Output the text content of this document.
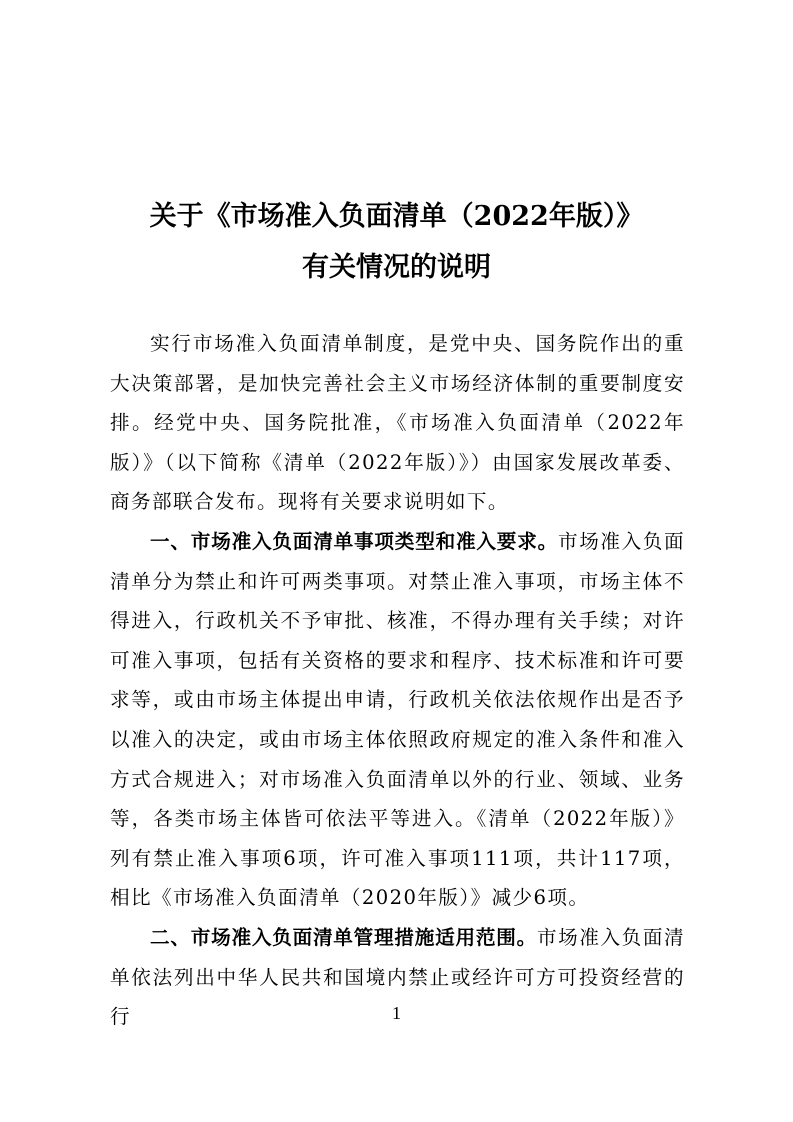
关于《市场准入负面清单（2022年版）》
有关情况的说明

实行市场准入负面清单制度，是党中央、国务院作出的重大决策部署，是加快完善社会主义市场经济体制的重要制度安排。经党中央、国务院批准，《市场准入负面清单（2022年版）》（以下简称《清单（2022年版）》）由国家发展改革委、商务部联合发布。现将有关要求说明如下。

一、市场准入负面清单事项类型和准入要求。市场准入负面清单分为禁止和许可两类事项。对禁止准入事项，市场主体不得进入，行政机关不予审批、核准，不得办理有关手续；对许可准入事项，包括有关资格的要求和程序、技术标准和许可要求等，或由市场主体提出申请，行政机关依法依规作出是否予以准入的决定，或由市场主体依照政府规定的准入条件和准入方式合规进入；对市场准入负面清单以外的行业、领域、业务等，各类市场主体皆可依法平等进入。《清单（2022年版）》列有禁止准入事项6项，许可准入事项111项，共计117项，相比《市场准入负面清单（2020年版）》减少6项。

二、市场准入负面清单管理措施适用范围。市场准入负面清单依法列出中华人民共和国境内禁止或经许可方可投资经营的行	1
